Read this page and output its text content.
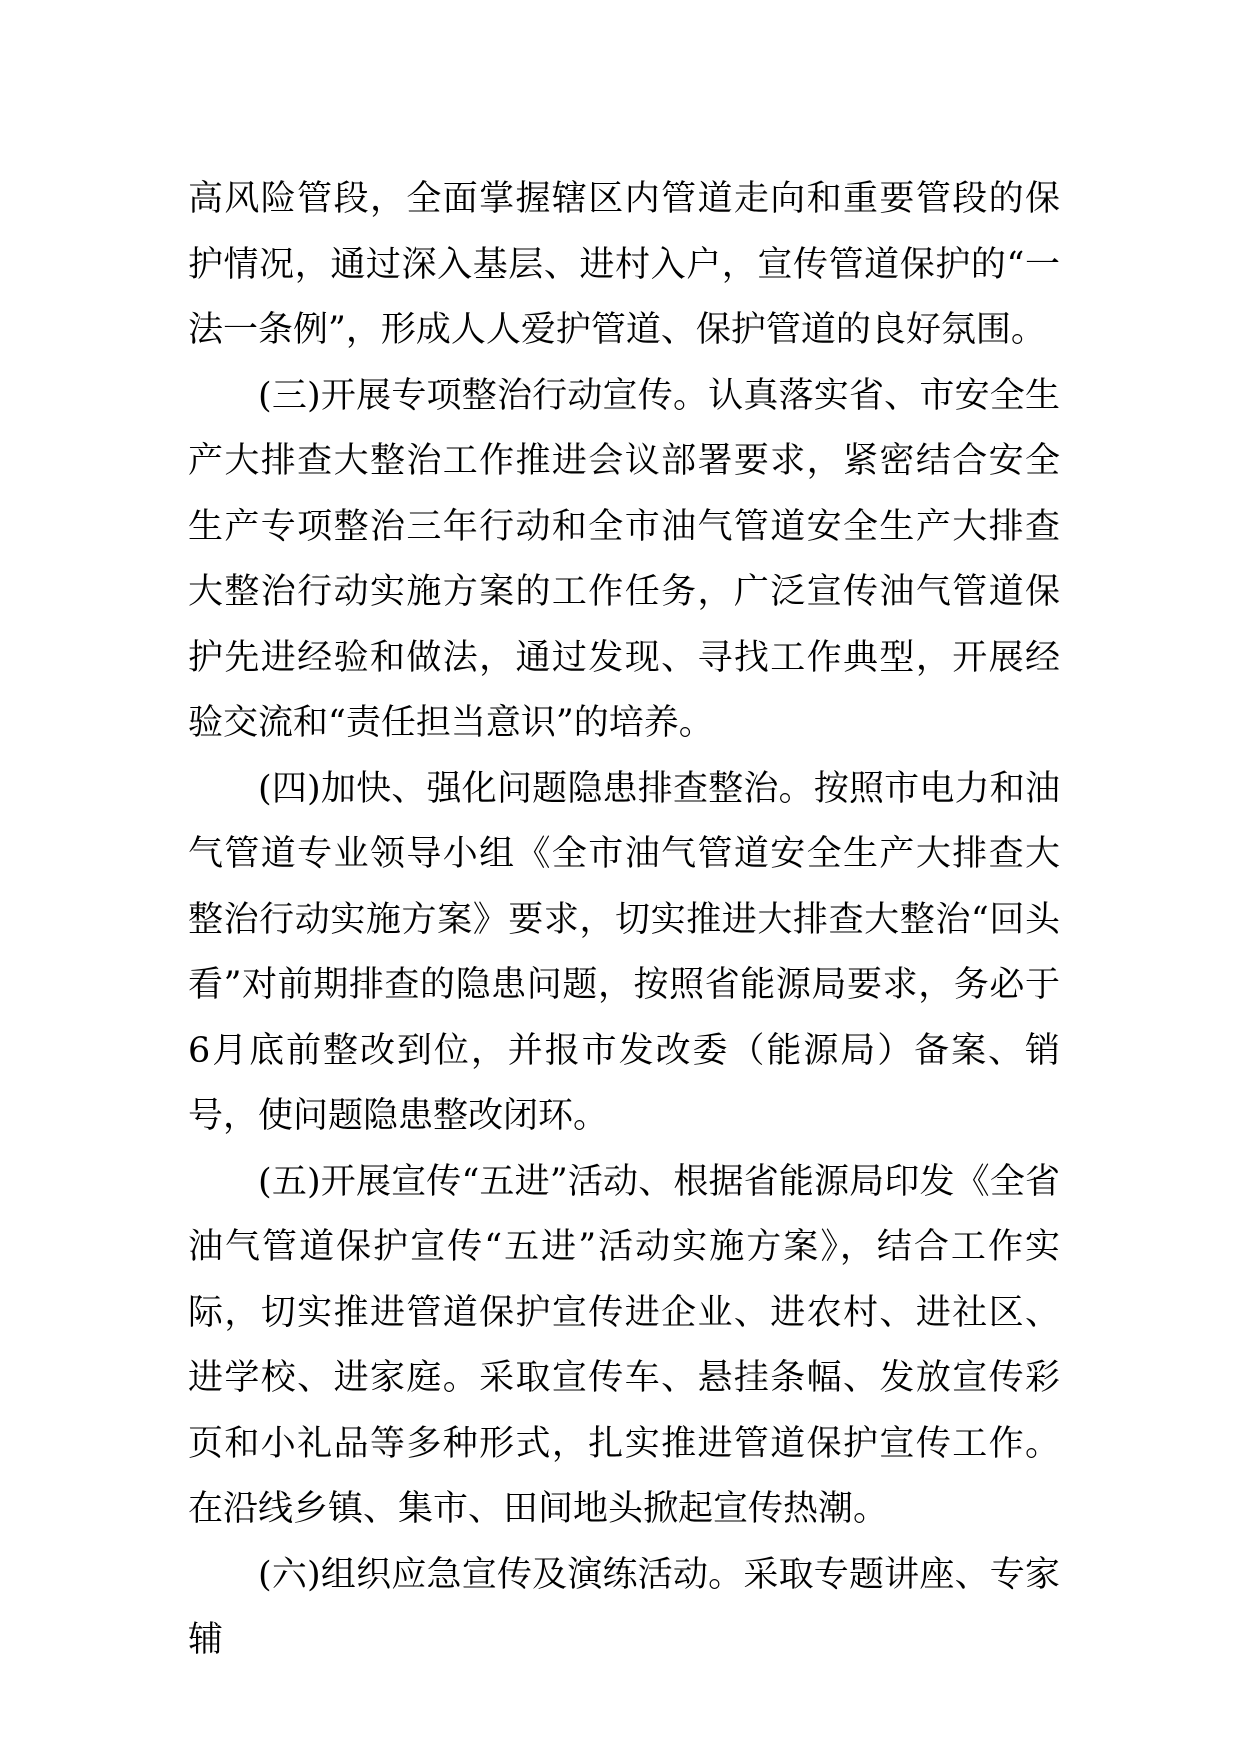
高风险管段，全面掌握辖区内管道走向和重要管段的保护情况，通过深入基层、进村入户，宣传管道保护的“一法一条例”，形成人人爱护管道、保护管道的良好氛围。

(三)开展专项整治行动宣传。认真落实省、市安全生产大排查大整治工作推进会议部署要求，紧密结合安全生产专项整治三年行动和全市油气管道安全生产大排查大整治行动实施方案的工作任务，广泛宣传油气管道保护先进经验和做法，通过发现、寻找工作典型，开展经验交流和“责任担当意识”的培养。

(四)加快、强化问题隐患排查整治。按照市电力和油气管道专业领导小组《全市油气管道安全生产大排查大整治行动实施方案》要求，切实推进大排查大整治“回头看”对前期排查的隐患问题，按照省能源局要求，务必于6月底前整改到位，并报市发改委（能源局）备案、销号，使问题隐患整改闭环。

(五)开展宣传“五进”活动、根据省能源局印发《全省油气管道保护宣传“五进”活动实施方案》，结合工作实际，切实推进管道保护宣传进企业、进农村、进社区、进学校、进家庭。采取宣传车、悬挂条幅、发放宣传彩页和小礼品等多种形式，扎实推进管道保护宣传工作。在沿线乡镇、集市、田间地头掀起宣传热潮。

(六)组织应急宣传及演练活动。采取专题讲座、专家辅
